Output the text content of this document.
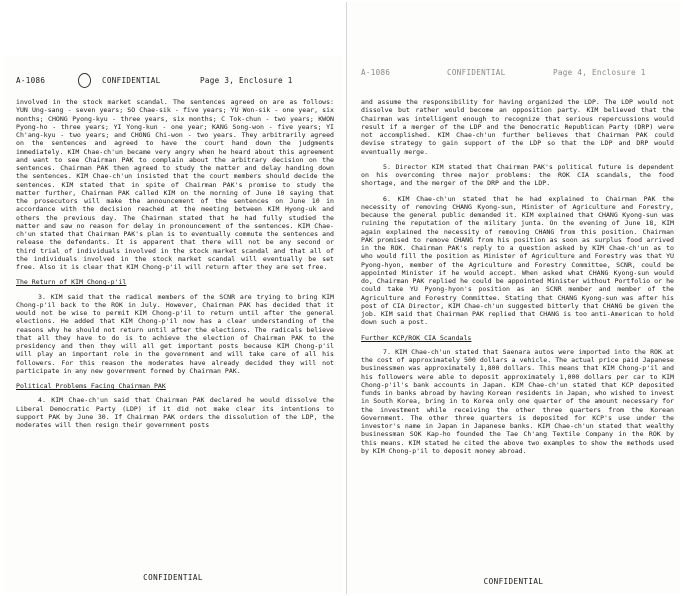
A-1086	CONFIDENTIAL	Page 3, Enclosure 1

involved in the stock market scandal. The sentences agreed on are as follows: YUN Ung-sang - seven years; SO Chae-sik - five years; YU Won-sik - one year, six months; CHONG Pyong-kyu - three years, six months; C Tok-chun - two years; KWON Pyong-ho - three years; YI Yong-kun - one year; KANG Song-won - five years; YI Ch'ang-kyu - two years; and CHONG Chi-won - two years. They arbitrarily agreed on the sentences and agreed to have the court hand down the judgments immediately. KIM Chae-ch'un became very angry when he heard about this agreement and want to see Chairman PAK to complain about the arbitrary decision on the sentences. Chairman PAK then agreed to study the matter and delay handing down the sentences. KIM Chae-ch'un insisted that the court members should decide the sentences. KIM stated that in spite of Chairman PAK's promise to study the matter further, Chairman PAK called KIM on the morning of June 10 saying that the prosecutors will make the announcement of the sentences on June 10 in accordance with the decision reached at the meeting between KIM Hyong-uk and others the previous day. The Chairman stated that he had fully studied the matter and saw no reason for delay in pronouncement of the sentences. KIM Chae-ch'un stated that Chairman PAK's plan is to eventually commute the sentences and release the defendants. It is apparent that there will not be any second or third trial of individuals involved in the stock market scandal and that all of the individuals involved in the stock market scandal will eventually be set free. Also it is clear that KIM Chong-p'il will return after they are set free.

The Return of KIM Chong-p'il

3. KIM said that the radical members of the SCNR are trying to bring KIM Chong-p'il back to the ROK in July. However, Chairman PAK has decided that it would not be wise to permit KIM Chong-p'il to return until after the general elections. He added that KIM Chong-p'il now has a clear understanding of the reasons why he should not return until after the elections. The radicals believe that all they have to do is to achieve the election of Chairman PAK to the presidency and then they will all get important posts because KIM Chong-p'il will play an important role in the government and will take care of all his followers. For this reason the moderates have already decided they will not participate in any new government formed by Chairman PAK.

Political Problems Facing Chairman PAK

4. KIM Chae-ch'un said that Chairman PAK declared he would dissolve the Liberal Democratic Party (LDP) if it did not make clear its intentions to support PAK by June 30. If Chairman PAK orders the dissolution of the LDP, the moderates will then resign their government posts

CONFIDENTIAL
A-1086	CONFIDENTIAL	Page 4, Enclosure 1

and assume the responsibility for having organized the LDP. The LDP would not dissolve but rather would become an opposition party. KIM believed that the Chairman was intelligent enough to recognize that serious repercussions would result if a merger of the LDP and the Democratic Republican Party (DRP) were not accomplished. KIM Chae-ch'un further believes that Chairman PAK could devise strategy to gain support of the LDP so that the LDP and DRP would eventually merge.

5. Director KIM stated that Chairman PAK's political future is dependent on his overcoming three major problems: the ROK CIA scandals, the food shortage, and the merger of the DRP and the LDP.

6. KIM Chae-ch'un stated that he had explained to Chairman PAK the necessity of removing CHANG Kyong-sun, Minister of Agriculture and Forestry, because the general public demanded it. KIM explained that CHANG Kyong-sun was ruining the reputation of the military junta. On the evening of June 18, KIM again explained the necessity of removing CHANG from this position. Chairman PAK promised to remove CHANG from his position as soon as surplus food arrived in the ROK. Chairman PAK's reply to a question asked by KIM Chae-ch'un as to who would fill the position as Minister of Agriculture and Forestry was that YU Pyong-hyon, member of the Agriculture and Forestry Committee, SCNR, could be appointed Minister if he would accept. When asked what CHANG Kyong-sun would do, Chairman PAK replied he could be appointed Minister without Portfolio or he could take YU Pyong-hyon's position as an SCNR member and member of the Agriculture and Forestry Committee. Stating that CHANG Kyong-sun was after his post of CIA Director, KIM Chae-ch'un suggested bitterly that CHANG be given the job. KIM said that Chairman PAK replied that CHANG is too anti-American to hold down such a post.

Further KCP/ROK CIA Scandals

7. KIM Chae-ch'un stated that Saenara autos were imported into the ROK at the cost of approximately 500 dollars a vehicle. The actual price paid Japanese businessmen was approximately 1,800 dollars. This means that KIM Chong-p'il and his followers were able to deposit approximately 1,000 dollars per car to KIM Chong-p'il's bank accounts in Japan. KIM Chae-ch'un stated that KCP deposited funds in banks abroad by having Korean residents in Japan, who wished to invest in South Korea, bring in to Korea only one quarter of the amount necessary for the investment while receiving the other three quarters from the Korean Government. The other three quarters is deposited for KCP's use under the investor's name in Japan in Japanese banks. KIM Chae-ch'un stated that wealthy businessman SOK Kap-ho founded the Tae Ch'ang Textile Company in the ROK by this means. KIM stated he cited the above two examples to show the methods used by KIM Chong-p'il to deposit money abroad.

CONFIDENTIAL
